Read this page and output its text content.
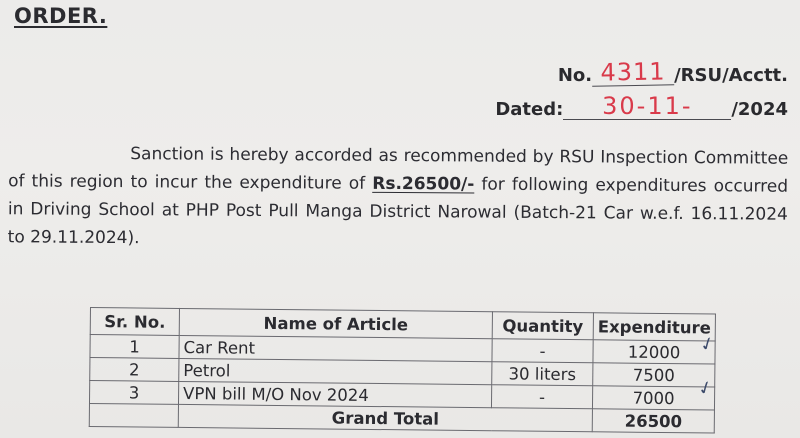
ORDER.
No. 4311 /RSU/Acctt.
Dated:	30-11-	/2024
Sanction is hereby accorded as recommended by RSU Inspection Committee of this region to incur the expenditure of Rs.26500/- for following expenditures occurred in Driving School at PHP Post Pull Manga District Narowal (Batch-21 Car w.e.f. 16.11.2024 to 29.11.2024).
Sr. No.	Name of Article	Quantity	Expenditure
1	Car Rent	-	12000
2	Petrol	30 liters	7500
3	VPN bill M/O Nov 2024	-	7000
	Grand Total		26500
✓
✓
